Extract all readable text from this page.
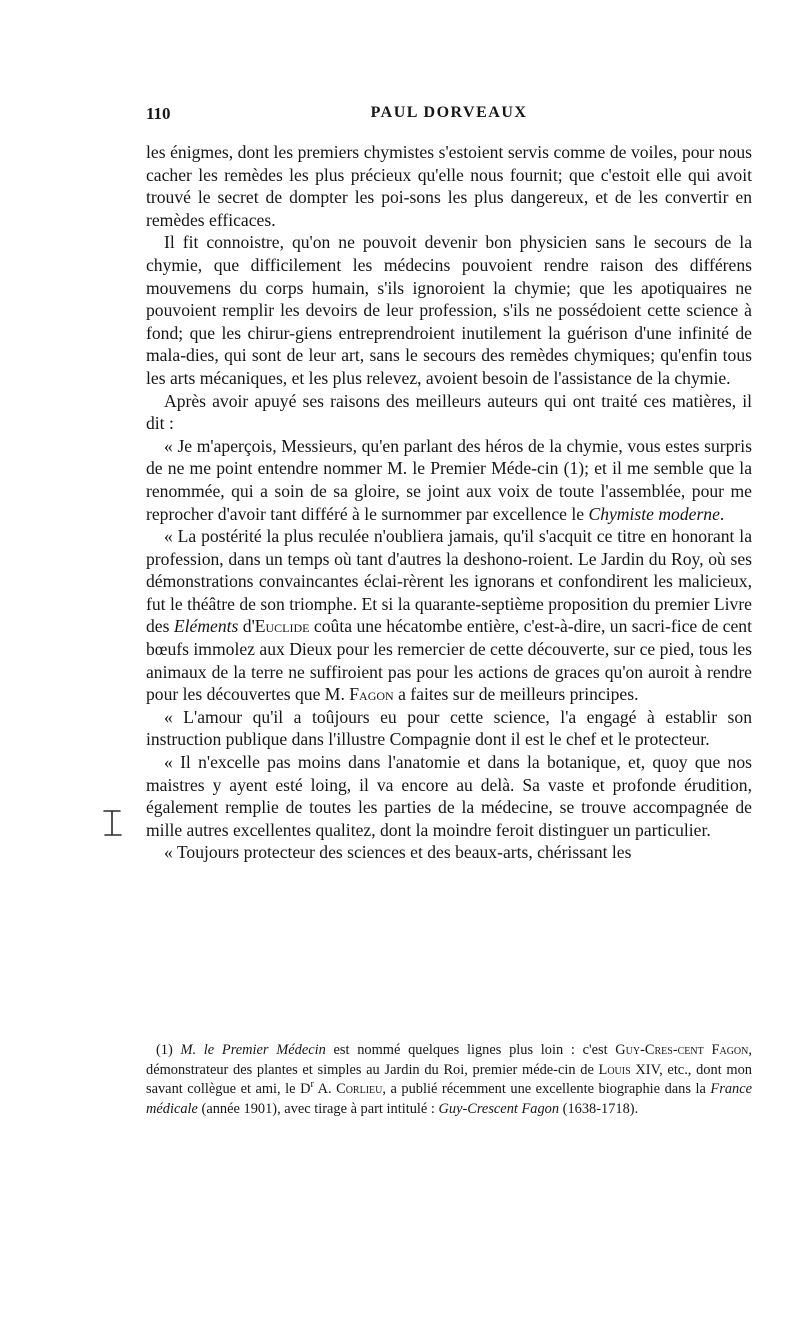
110	PAUL DORVEAUX

les énigmes, dont les premiers chymistes s'estoient servis comme de voiles, pour nous cacher les remèdes les plus précieux qu'elle nous fournit; que c'estoit elle qui avoit trouvé le secret de dompter les poi-sons les plus dangereux, et de les convertir en remèdes efficaces.

Il fit connoistre, qu'on ne pouvoit devenir bon physicien sans le secours de la chymie, que difficilement les médecins pouvoient rendre raison des différens mouvemens du corps humain, s'ils ignoroient la chymie; que les apotiquaires ne pouvoient remplir les devoirs de leur profession, s'ils ne possédoient cette science à fond; que les chirur-giens entreprendroient inutilement la guérison d'une infinité de mala-dies, qui sont de leur art, sans le secours des remèdes chymiques; qu'enfin tous les arts mécaniques, et les plus relevez, avoient besoin de l'assistance de la chymie.

Après avoir apuyé ses raisons des meilleurs auteurs qui ont traité ces matières, il dit :

« Je m'aperçois, Messieurs, qu'en parlant des héros de la chymie, vous estes surpris de ne me point entendre nommer M. le Premier Méde-cin (1); et il me semble que la renommée, qui a soin de sa gloire, se joint aux voix de toute l'assemblée, pour me reprocher d'avoir tant différé à le surnommer par excellence le Chymiste moderne.

« La postérité la plus reculée n'oubliera jamais, qu'il s'acquit ce titre en honorant la profession, dans un temps où tant d'autres la deshono-roient. Le Jardin du Roy, où ses démonstrations convaincantes éclai-rèrent les ignorans et confondirent les malicieux, fut le théâtre de son triomphe. Et si la quarante-septième proposition du premier Livre des Eléments d'Euclide coûta une hécatombe entière, c'est-à-dire, un sacri-fice de cent bœufs immolez aux Dieux pour les remercier de cette découverte, sur ce pied, tous les animaux de la terre ne suffiroient pas pour les actions de graces qu'on auroit à rendre pour les découvertes que M. Fagon a faites sur de meilleurs principes.

« L'amour qu'il a toûjours eu pour cette science, l'a engagé à establir son instruction publique dans l'illustre Compagnie dont il est le chef et le protecteur.

« Il n'excelle pas moins dans l'anatomie et dans la botanique, et, quoy que nos maistres y ayent esté loing, il va encore au delà. Sa vaste et profonde érudition, également remplie de toutes les parties de la médecine, se trouve accompagnée de mille autres excellentes qualitez, dont la moindre feroit distinguer un particulier.

« Toujours protecteur des sciences et des beaux-arts, chérissant les

(1) M. le Premier Médecin est nommé quelques lignes plus loin : c'est Guy-Cres-cent Fagon, démonstrateur des plantes et simples au Jardin du Roi, premier méde-cin de Louis XIV, etc., dont mon savant collègue et ami, le $D^r$ A. Corlieu, a publié récemment une excellente biographie dans la France médicale (année 1901), avec tirage à part intitulé : Guy-Crescent Fagon (1638-1718).
